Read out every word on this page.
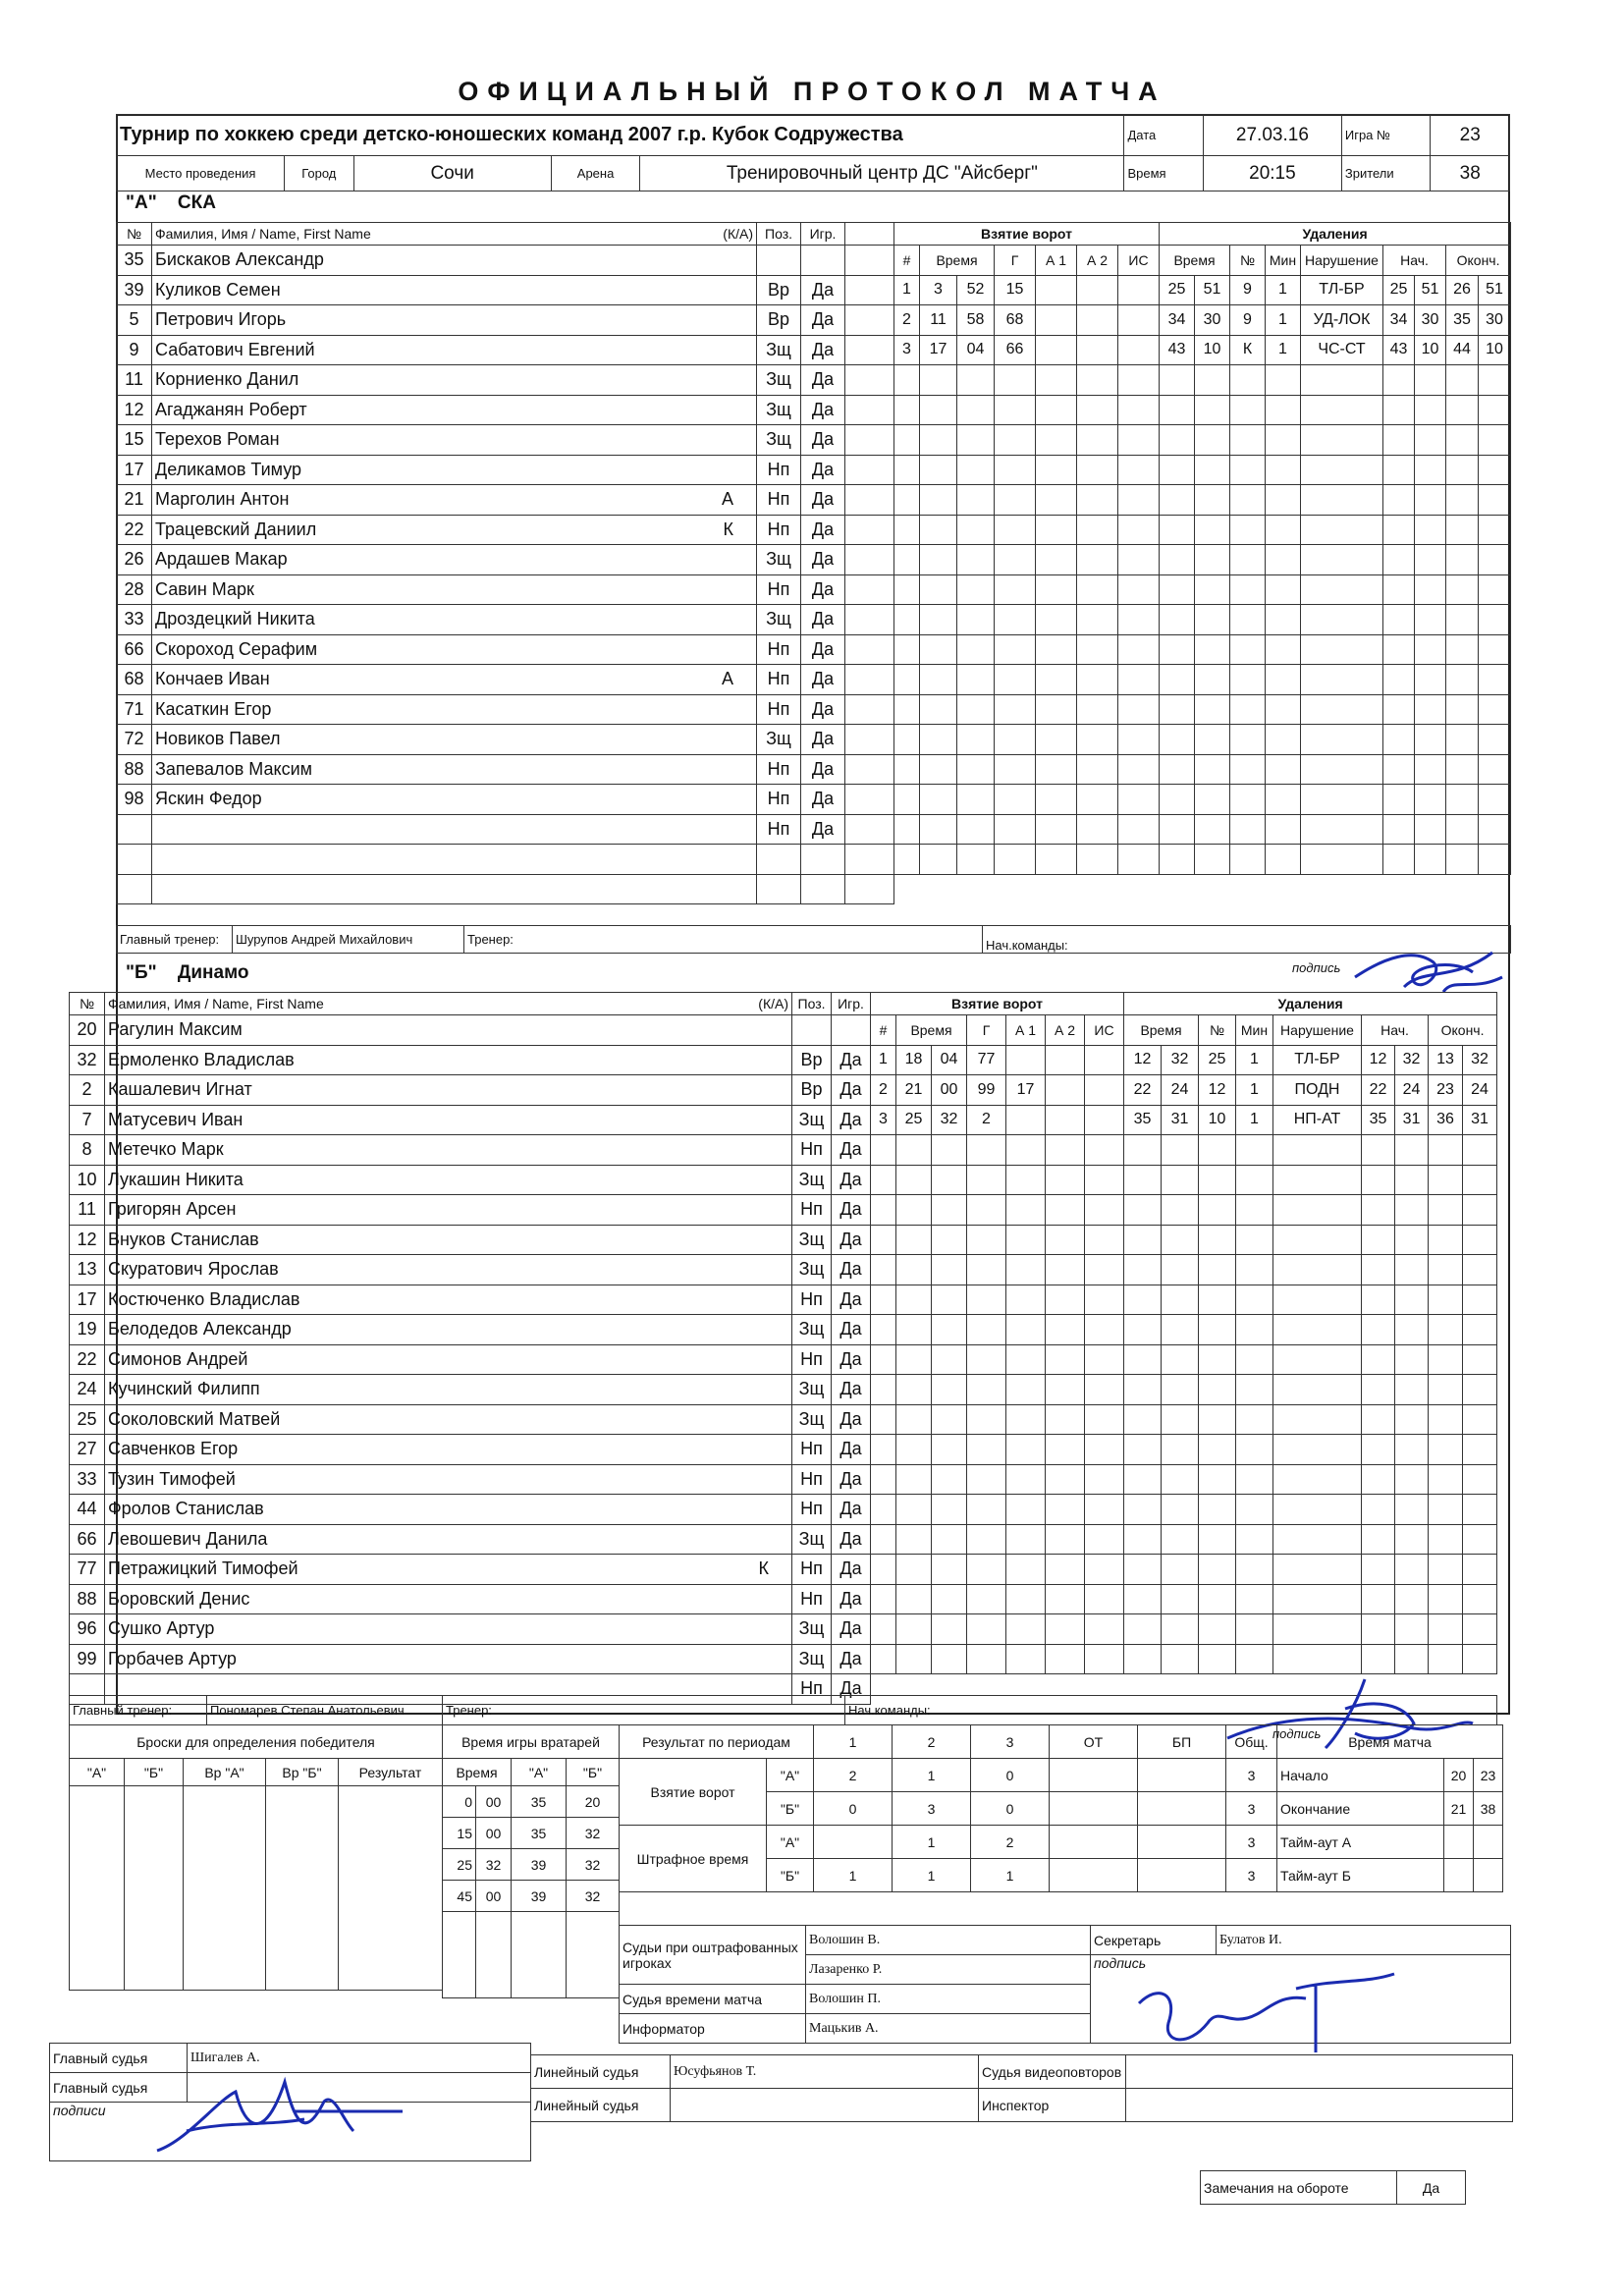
ОФИЦИАЛЬНЫЙ ПРОТОКОЛ МАТЧА
Турнир по хоккею среди детско-юношеских команд 2007 г.р. Кубок Содружества					Дата	27.03.16	Игра №	23
Место проведения	Город	Сочи	Арена	Тренировочный центр ДС "Айсберг"	Время	20:15	Зрители	38
"А" СКА
№	Фамилия, Имя / Name, First Name (К/А)	Поз.	Игр.	
35	Бискаков Александр

39	Куликов Семен	Вр	Да	
5	Петрович Игорь	Вр	Да	
9	Сабатович Евгений	Зщ	Да	
11	Корниенко Данил	Зщ	Да	
12	Агаджанян Роберт	Зщ	Да	
15	Терехов Роман	Зщ	Да	
17	Деликамов Тимур	Нп	Да	
21	Марголин Антон А	Нп	Да	
22	Трацевский Даниил К	Нп	Да	
26	Ардашев Макар	Зщ	Да	
28	Савин Марк	Нп	Да	
33	Дроздецкий Никита	Зщ	Да	
66	Скороход Серафим	Нп	Да	
68	Кончаев Иван А	Нп	Да	
71	Касаткин Егор	Нп	Да	
72	Новиков Павел	Зщ	Да	
88	Запевалов Максим	Нп	Да	
98	Яскин Федор	Нп	Да	

	Нп	Да	

Взятие ворот						
#	Время		Г	А 1	А 2	ИС
1	3	52	15			
2	11	58	68			
3	17	04	66			

Удаления								
Время		№	Мин	Нарушение	Нач.		Оконч.	
25	51	9	1	ТЛ-БР	25	51	26	51
34	30	9	1	УД-ЛОК	34	30	35	30
43	10	К	1	ЧС-СТ	43	10	44	10

Главный тренер:	Шурупов Андрей Михайлович	Тренер:	Нач.команды:
подпись
"Б" Динамо
№	Фамилия, Имя / Name, First Name (К/А)	Поз.	Игр.
20	Рагулин Максим

32	Ермоленко Владислав	Вр	Да
2	Кашалевич Игнат	Вр	Да
7	Матусевич Иван	Зщ	Да
8	Метечко Марк	Нп	Да
10	Лукашин Никита	Зщ	Да
11	Григорян Арсен	Нп	Да
12	Внуков Станислав	Зщ	Да
13	Скуратович Ярослав	Зщ	Да
17	Костюченко Владислав	Нп	Да
19	Белодедов Александр	Зщ	Да
22	Симонов Андрей	Нп	Да
24	Кучинский Филипп	Зщ	Да
25	Соколовский Матвей	Зщ	Да
27	Савченков Егор	Нп	Да
33	Тузин Тимофей	Нп	Да
44	Фролов Станислав	Нп	Да
66	Левошевич Данила	Зщ	Да
77	Петражицкий Тимофей К	Нп	Да
88	Боровский Денис	Нп	Да
96	Сушко Артур	Зщ	Да
99	Горбачев Артур	Зщ	Да

	Нп	Да
Взятие ворот						
#	Время		Г	А 1	А 2	ИС
1	18	04	77			
2	21	00	99	17		
3	25	32	2			

Удаления								
Время		№	Мин	Нарушение	Нач.		Оконч.	
12	32	25	1	ТЛ-БР	12	32	13	32
22	24	12	1	ПОДН	22	24	23	24
35	31	10	1	НП-АТ	35	31	36	31

Главный тренер:	Пономарев Степан Анатольевич	Тренер:	Нач.команды:
подпись
Броски для определения победителя				
"А"	"Б"	Вр "А"	Вр "Б"	Результат

Время игры вратарей			
Время		"А"	"Б"
0	00	35	20
15	00	35	32
25	32	39	32
45	00	39	32

Результат по периодам		1	2	3	ОТ	БП	Общ.	Время матча			
Взятие ворот	"А"	2	1	0			3	Начало	20	23	
	"Б"	0	3	0			3	Окончание	21	38	
Штрафное время	"А"		1	2			3	Тайм-аут А			
	"Б"	1	1	1			3	Тайм-аут Б			
Судьи при оштрафованных игроках	Волошин В.	Секретарь	Булатов И.
	Лазаренко Р.	подпись	
Судья времени матча	Волошин П.		
Информатор	Мацькив А.		
Главный судья	Шигалев А.				
Главный судья					
подписи					
Линейный судья	Юсуфьянов Т.	Судья видеоповторов	
Линейный судья		Инспектор	
Замечания на обороте	Да
